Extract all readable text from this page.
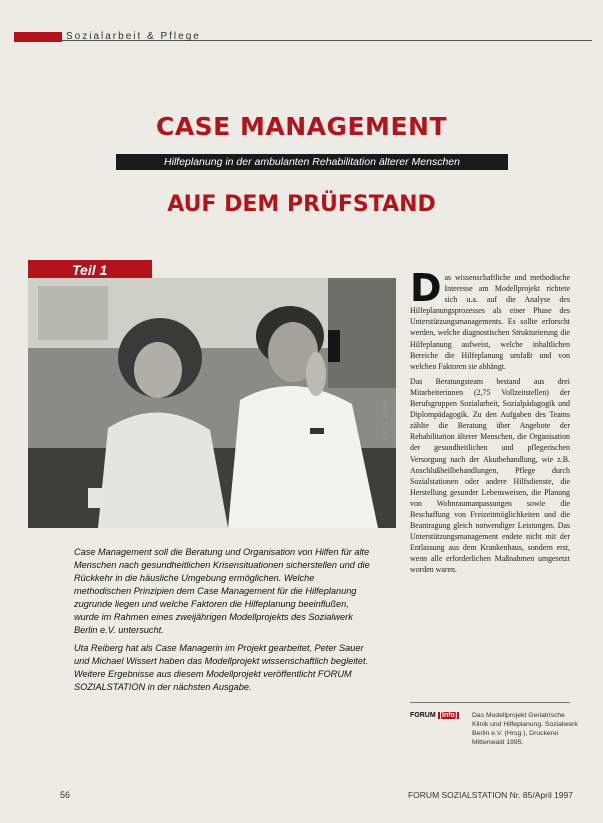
Sozialarbeit & Pflege
CASE MANAGEMENT
Hilfeplanung in der ambulanten Rehabilitation älterer Menschen
AUF DEM PRÜFSTAND
Teil 1
Foto: L. Leitner

Case Management soll die Beratung und Organisation von Hilfen für alte Menschen nach gesundheitlichen Krisensituationen sicherstellen und die Rückkehr in die häusliche Umgebung ermöglichen. Welche methodischen Prinzipien dem Case Management für die Hilfeplanung zugrunde liegen und welche Faktoren die Hilfeplanung beeinflußen, wurde im Rahmen eines zweijährigen Modellprojekts des Sozialwerk Berlin e.V. untersucht.

Uta Reiberg hat als Case Managerin im Projekt gearbeitet, Peter Sauer und Michael Wissert haben das Modellprojekt wissenschaftlich begleitet. Weitere Ergebnisse aus diesem Modellprojekt veröffentlicht FORUM SOZIALSTATION in der nächsten Ausgabe.

Das wissenschaftliche und methodische Interesse am Modellprojekt richtete sich u.a. auf die Analyse des Hilfeplanungsprozesses als einer Phase des Unterstützungsmanagements. Es sollte erforscht werden, welche diagnostischen Strukturierung die Hilfeplanung aufweist, welche inhaltlichen Bereiche die Hilfeplanung umfaßt und von welchen Faktoren sie abhängt.

Das Beratungsteam bestand aus drei Mitarbeiterinnen (2,75 Vollzeitstellen) der Berufsgruppen Sozialarbeit, Sozialpädagogik und Diplompädagogik. Zu den Aufgaben des Teams zählte die Beratung über Angebote der Rehabilitation älterer Menschen, die Organisation der gesundheitlichen und pflegerischen Versorgung nach der Akutbehandlung, wie z.B. Anschlußheilbehandlungen, Pflege durch Sozialstationen oder andere Hilfsdienste, die Herstellung gesunder Lebensweisen, die Planung von Wohnraumanpassungen sowie die Beschaffung von Freizeitmöglichkeiten und die Beantragung gleich notwendiger Leistungen. Das Unterstützungsmanagement endete nicht mit der Entlassung aus dem Krankenhaus, sondern erst, wenn alle erforderlichen Maßnahmen umgesetzt worden waren.

FORUM [Info] Das Modellprojekt Geriatrische Klinik und Hilfeplanung. Sozialwerk Berlin e.V. (Hrsg.), Druckerei Mittenwald 1995.
56	FORUM SOZIALSTATION Nr. 85/April 1997
